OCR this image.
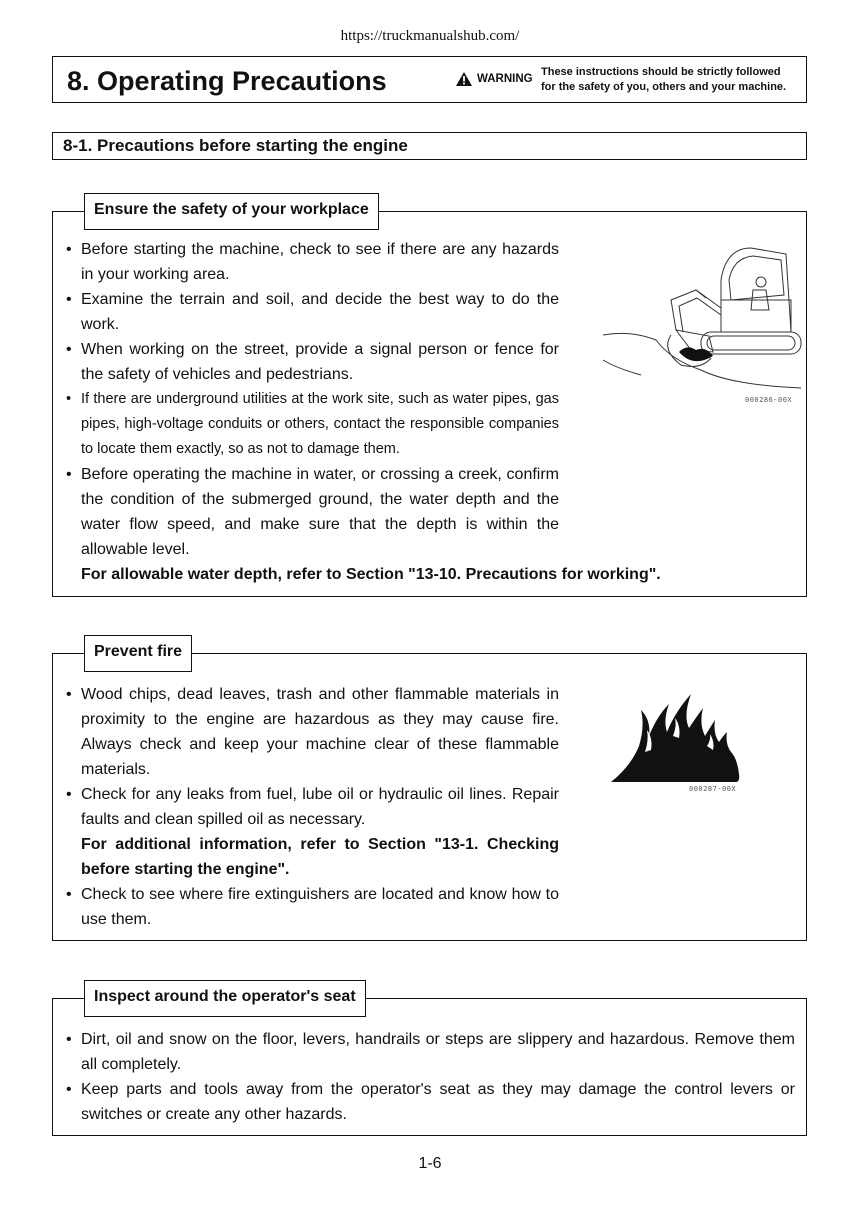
https://truckmanualshub.com/
8. Operating Precautions	WARNING
These instructions should be strictly followed
for the safety of you, others and your machine.
8-1. Precautions before starting the engine
• Before starting the machine, check to see if there are any hazards in your working area.
• Examine the terrain and soil, and decide the best way to do the work.
• When working on the street, provide a signal person or fence for the safety of vehicles and pedestrians.
• If there are underground utilities at the work site, such as water pipes, gas pipes, high-voltage conduits or others, contact the responsible companies to locate them exactly, so as not to damage them.
• Before operating the machine in water, or crossing a creek, confirm the condition of the submerged ground, the water depth and the water flow speed, and make sure that the depth is within the allowable level.
For allowable water depth, refer to Section "13-10. Precautions for working".
000286-00X
Ensure the safety of your workplace
• Wood chips, dead leaves, trash and other flammable materials in proximity to the engine are hazardous as they may cause fire. Always check and keep your machine clear of these flammable materials.
• Check for any leaks from fuel, lube oil or hydraulic oil lines. Repair faults and clean spilled oil as necessary.
For additional information, refer to Section "13-1. Checking before starting the engine".
• Check to see where fire extinguishers are located and know how to use them.
000287-00X
Prevent fire
• Dirt, oil and snow on the floor, levers, handrails or steps are slippery and hazardous. Remove them all completely.
• Keep parts and tools away from the operator's seat as they may damage the control levers or switches or create any other hazards.
Inspect around the operator's seat
1-6
